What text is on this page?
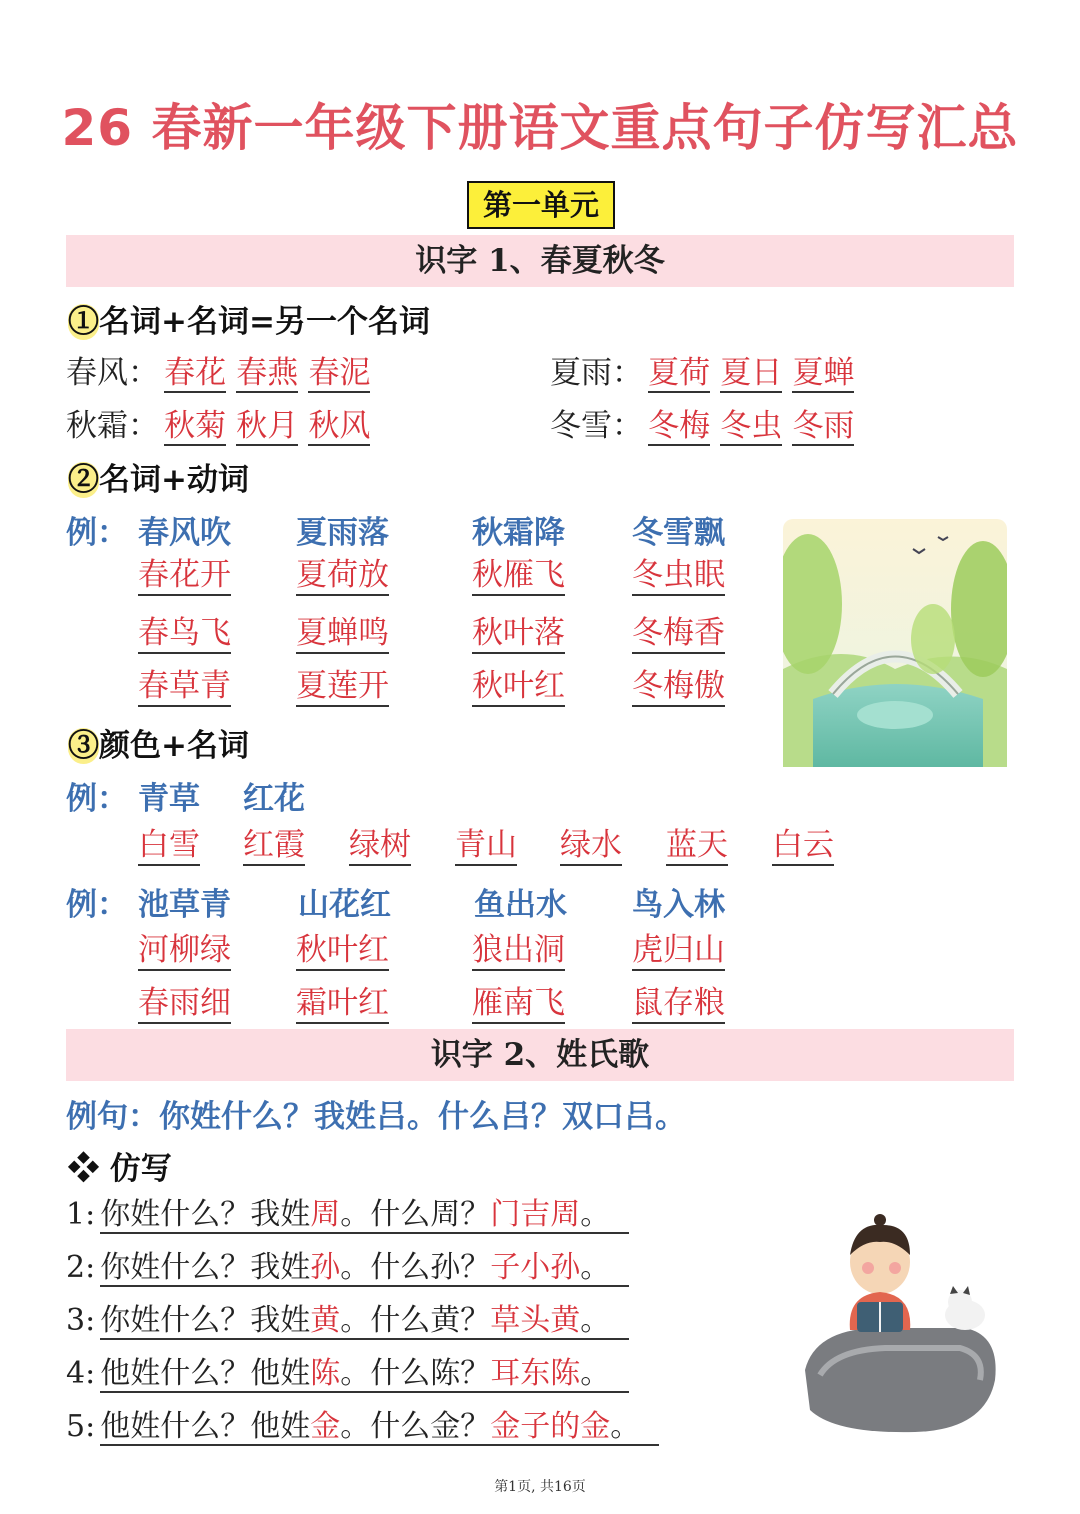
26 春新一年级下册语文重点句子仿写汇总
第一单元
识字 1、春夏秋冬
①名词+名词=另一个名词
春风： 春花 春燕 春泥	夏雨： 夏荷 夏日 夏蝉
秋霜： 秋菊 秋月 秋风	冬雪： 冬梅 冬虫 冬雨
②名词+动词
例： 春风吹 夏雨落	秋霜降 冬雪飘
春花开 夏荷放	秋雁飞 冬虫眠
春鸟飞 夏蝉鸣	秋叶落 冬梅香
春草青 夏莲开	秋叶红 冬梅傲
③颜色+名词
例： 青草 红花
白雪 红霞 绿树 青山 绿水 蓝天 白云
例： 池草青 山花红	鱼出水 鸟入林
河柳绿 秋叶红	狼出洞 虎归山
春雨细 霜叶红	雁南飞 鼠存粮
识字 2、姓氏歌
例句：你姓什么？我姓吕。什么吕？双口吕。
❖ 仿写
1: 你姓什么？我姓周。什么周？门吉周。
2: 你姓什么？我姓孙。什么孙？子小孙。
3: 你姓什么？我姓黄。什么黄？草头黄。
4: 他姓什么？他姓陈。什么陈？耳东陈。
5: 他姓什么？他姓金。什么金？金子的金。
第1页, 共16页
